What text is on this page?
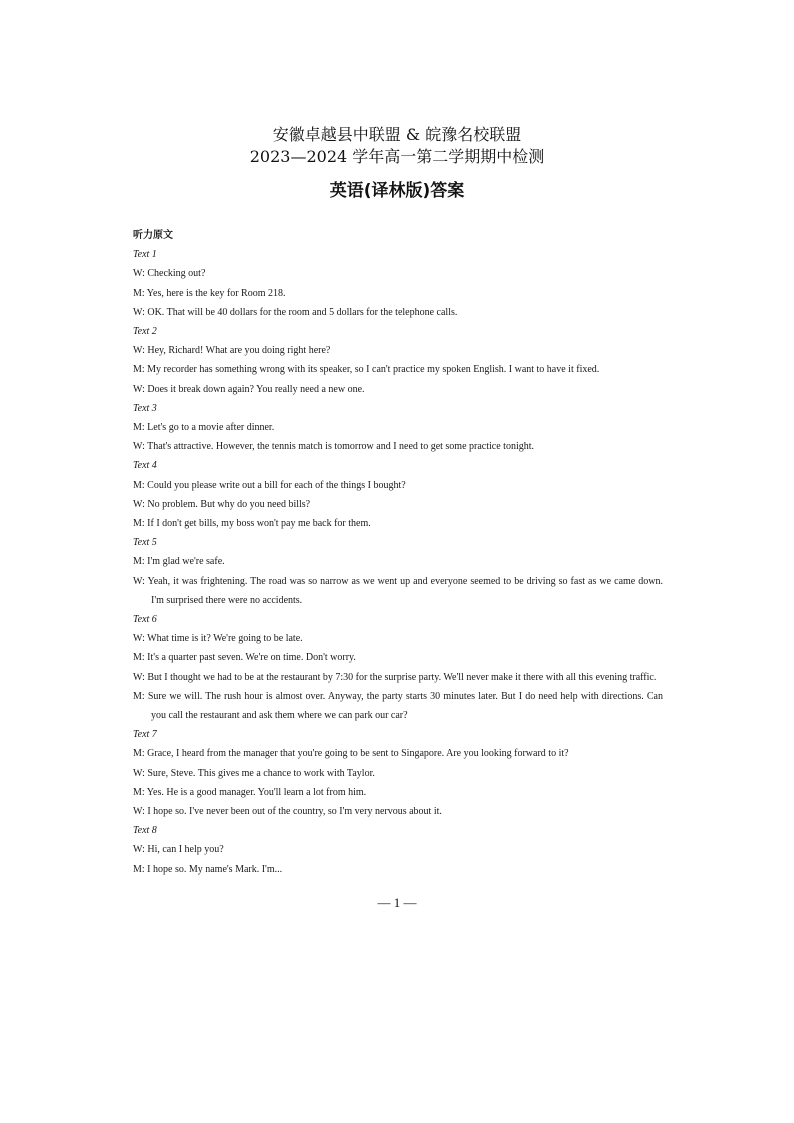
安徽卓越县中联盟 & 皖豫名校联盟
2023—2024 学年高一第二学期期中检测
英语(译林版)答案
听力原文
Text 1
W: Checking out?
M: Yes, here is the key for Room 218.
W: OK. That will be 40 dollars for the room and 5 dollars for the telephone calls.
Text 2
W: Hey, Richard! What are you doing right here?
M: My recorder has something wrong with its speaker, so I can't practice my spoken English. I want to have it fixed.
W: Does it break down again? You really need a new one.
Text 3
M: Let's go to a movie after dinner.
W: That's attractive. However, the tennis match is tomorrow and I need to get some practice tonight.
Text 4
M: Could you please write out a bill for each of the things I bought?
W: No problem. But why do you need bills?
M: If I don't get bills, my boss won't pay me back for them.
Text 5
M: I'm glad we're safe.
W: Yeah, it was frightening. The road was so narrow as we went up and everyone seemed to be driving so fast as we came down. I'm surprised there were no accidents.
Text 6
W: What time is it? We're going to be late.
M: It's a quarter past seven. We're on time. Don't worry.
W: But I thought we had to be at the restaurant by 7:30 for the surprise party. We'll never make it there with all this evening traffic.
M: Sure we will. The rush hour is almost over. Anyway, the party starts 30 minutes later. But I do need help with directions. Can you call the restaurant and ask them where we can park our car?
Text 7
M: Grace, I heard from the manager that you're going to be sent to Singapore. Are you looking forward to it?
W: Sure, Steve. This gives me a chance to work with Taylor.
M: Yes. He is a good manager. You'll learn a lot from him.
W: I hope so. I've never been out of the country, so I'm very nervous about it.
Text 8
W: Hi, can I help you?
M: I hope so. My name's Mark. I'm...
— 1 —
